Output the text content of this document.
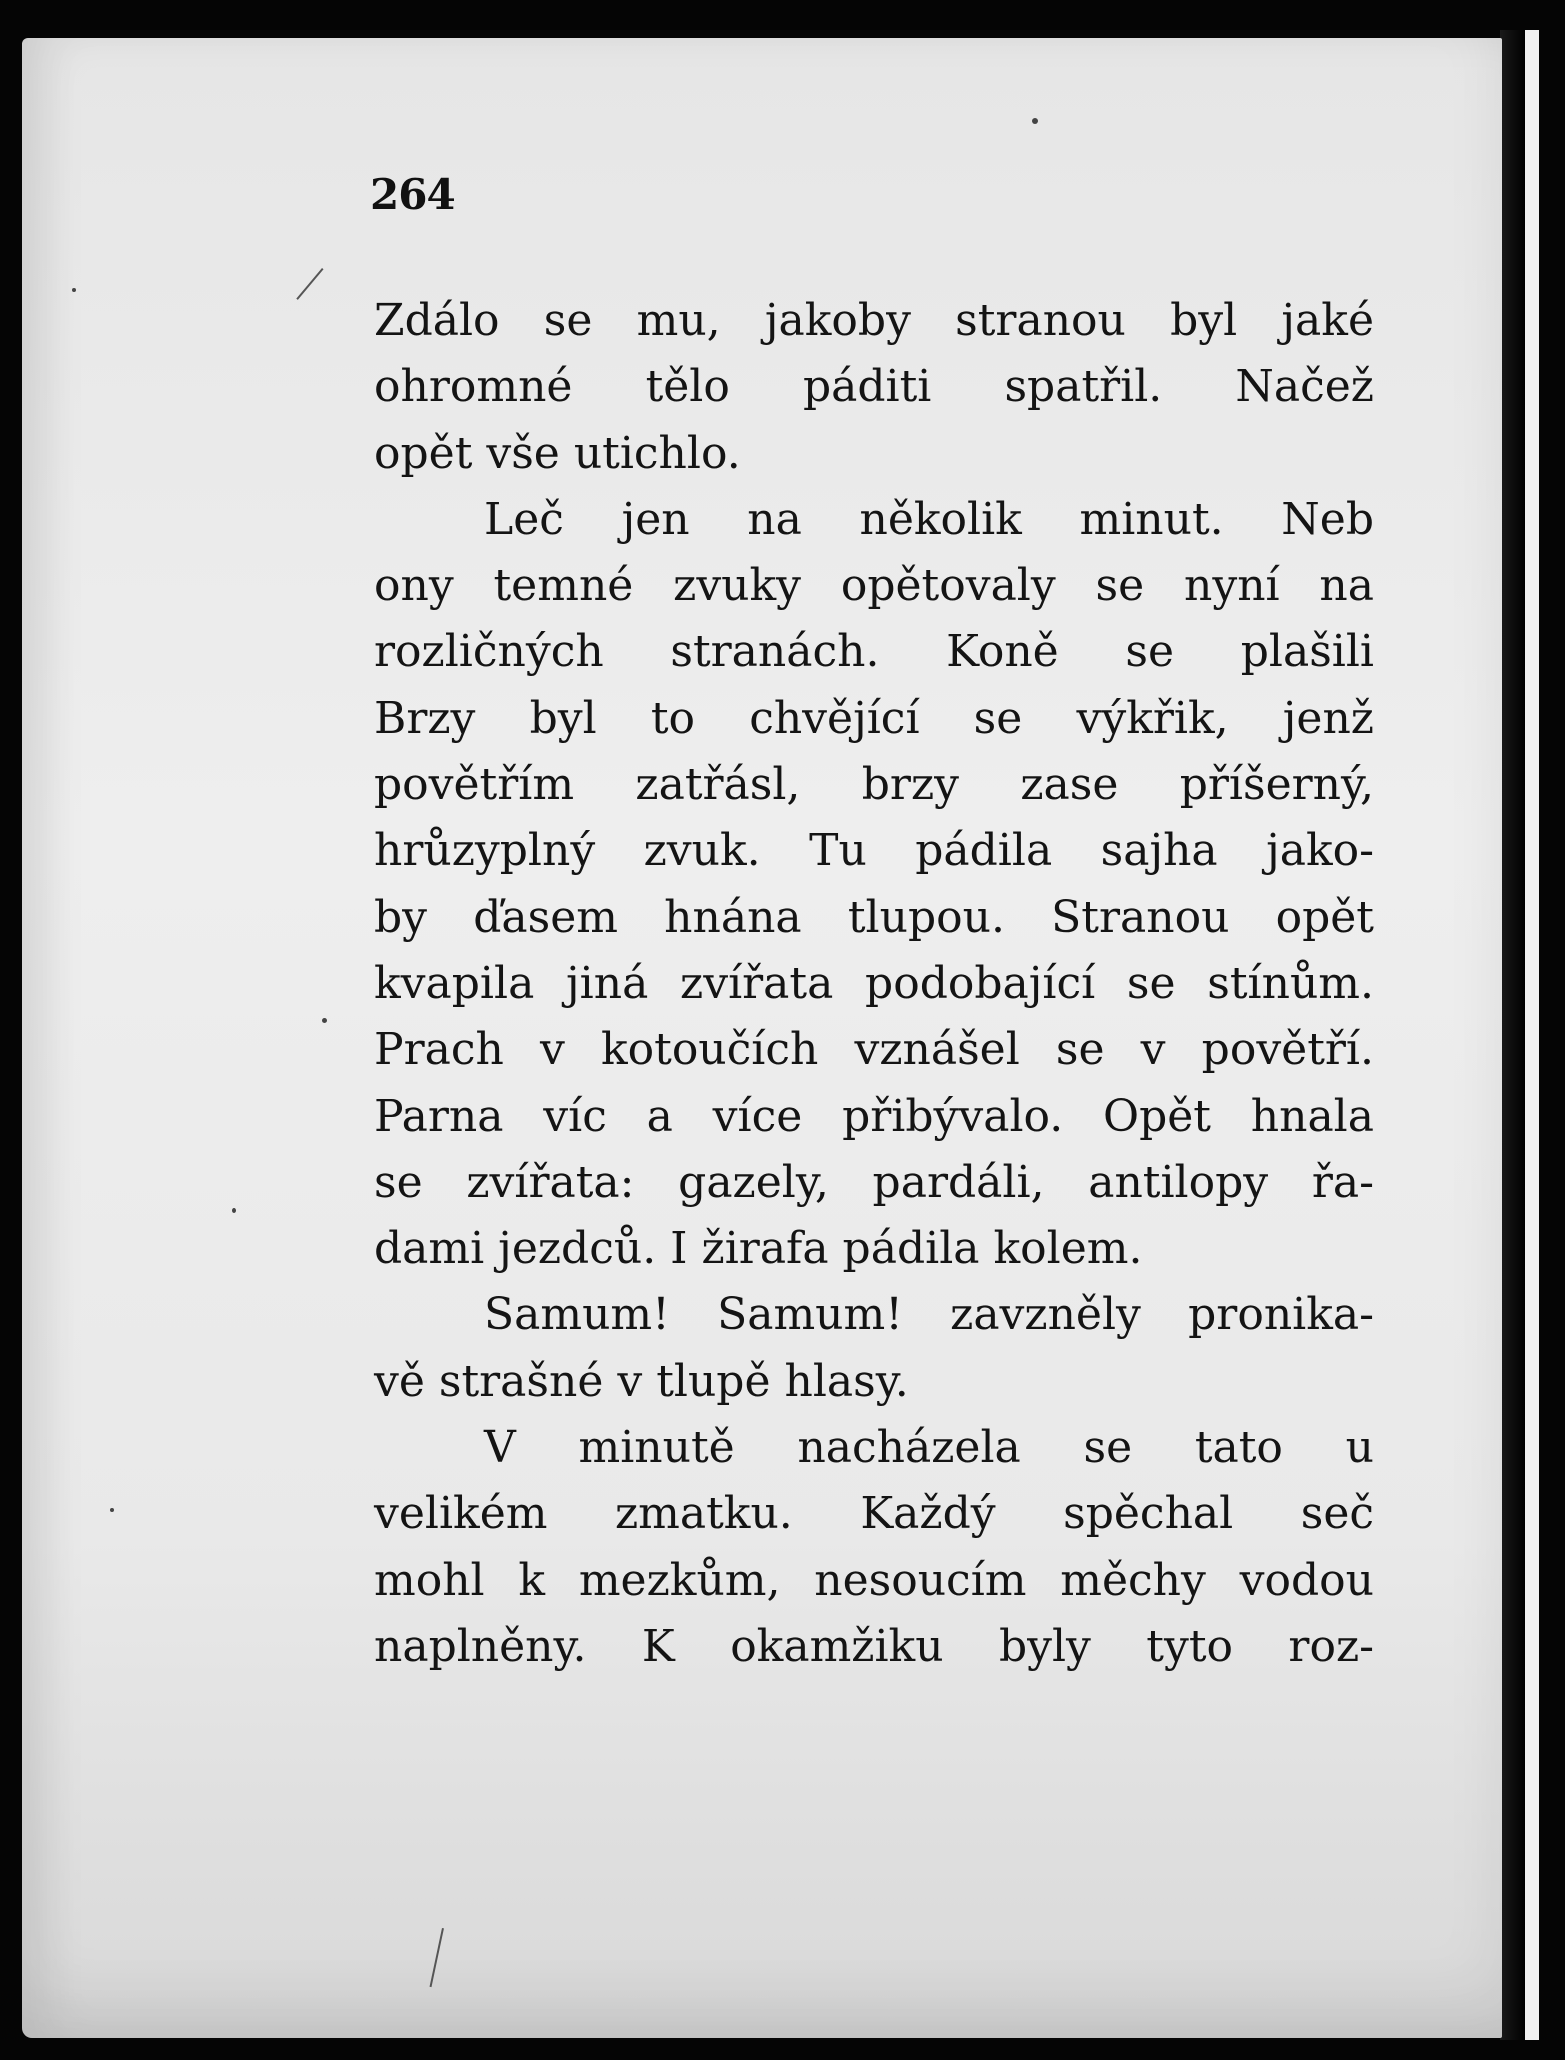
264
Zdálo se mu, jakoby stranou byl jaké
ohromné tělo páditi spatřil. Načež
opět vše utichlo.
Leč jen na několik minut. Neb
ony temné zvuky opětovaly se nyní na
rozličných stranách. Koně se plašili
Brzy byl to chvějící se výkřik, jenž
povětřím zatřásl, brzy zase příšerný,
hrůzyplný zvuk. Tu pádila sajha jako-
by ďasem hnána tlupou. Stranou opět
kvapila jiná zvířata podobající se stínům.
Prach v kotoučích vznášel se v povětří.
Parna víc a více přibývalo. Opět hnala
se zvířata: gazely, pardáli, antilopy řa-
dami jezdců. I žirafa pádila kolem.
Samum! Samum! zavzněly pronika-
vě strašné v tlupě hlasy.
V minutě nacházela se tato u
velikém zmatku. Každý spěchal seč
mohl k mezkům, nesoucím měchy vodou
naplněny. K okamžiku byly tyto roz-
